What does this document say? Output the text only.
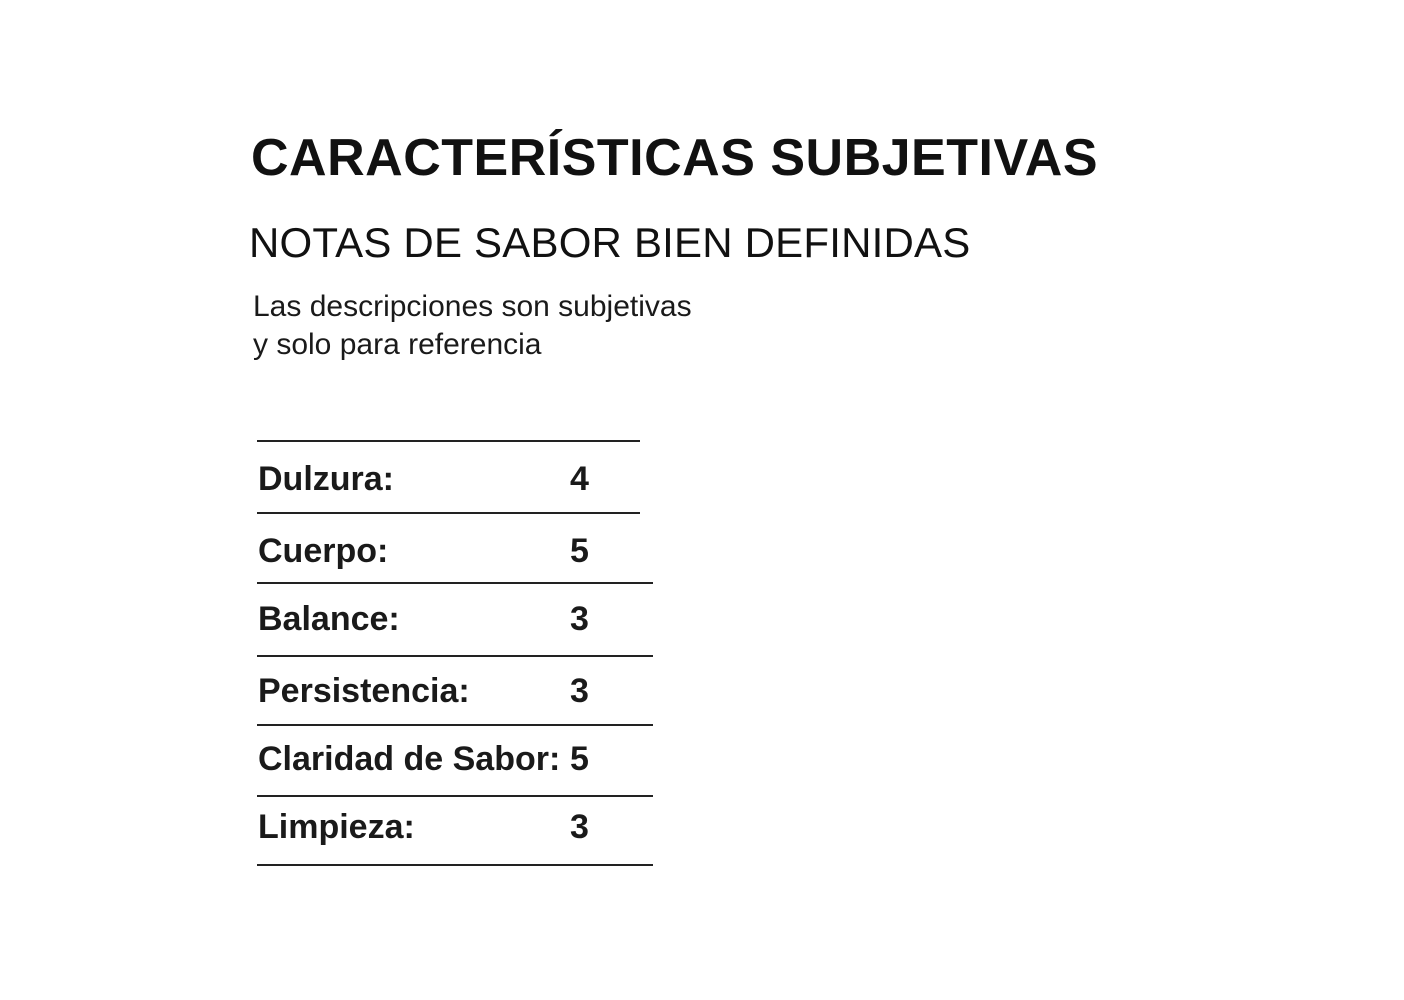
CARACTERÍSTICAS SUBJETIVAS
NOTAS DE SABOR BIEN DEFINIDAS

Las descripciones son subjetivas
y solo para referencia

Dulzura:	4
Cuerpo:	5
Balance:	3
Persistencia:	3
Claridad de Sabor: 5
Limpieza:	3
